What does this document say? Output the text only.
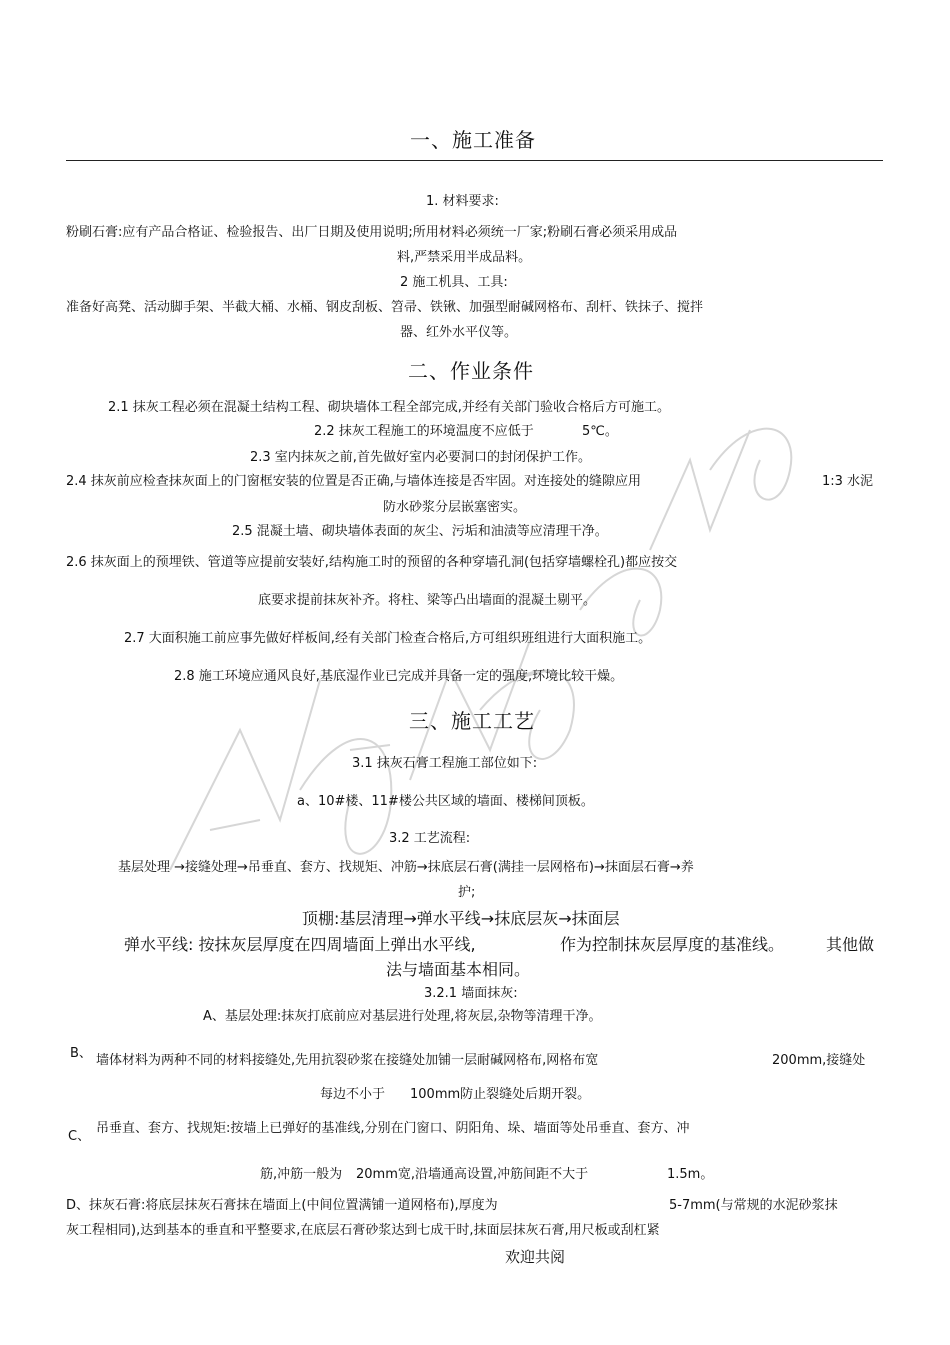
一、施工准备
1. 材料要求:
粉刷石膏:应有产品合格证、检验报告、出厂日期及使用说明;所用材料必须统一厂家;粉刷石膏必须采用成品
料,严禁采用半成品料。
2 施工机具、工具:
准备好高凳、活动脚手架、半截大桶、水桶、钢皮刮板、笤帚、铁锹、加强型耐碱网格布、刮杆、铁抹子、搅拌
器、红外水平仪等。
二、作业条件
2.1 抹灰工程必须在混凝土结构工程、砌块墙体工程全部完成,并经有关部门验收合格后方可施工。
2.2 抹灰工程施工的环境温度不应低于	5℃。
2.3 室内抹灰之前,首先做好室内必要洞口的封闭保护工作。
2.4 抹灰前应检查抹灰面上的门窗框安装的位置是否正确,与墙体连接是否牢固。对连接处的缝隙应用	1:3 水泥
防水砂浆分层嵌塞密实。
2.5 混凝土墙、砌块墙体表面的灰尘、污垢和油渍等应清理干净。
2.6 抹灰面上的预埋铁、管道等应提前安装好,结构施工时的预留的各种穿墙孔洞(包括穿墙螺栓孔)都应按交
底要求提前抹灰补齐。将柱、梁等凸出墙面的混凝土剔平。
2.7 大面积施工前应事先做好样板间,经有关部门检查合格后,方可组织班组进行大面积施工。
2.8 施工环境应通风良好,基底湿作业已完成并具备一定的强度,环境比较干燥。
三、施工工艺
3.1 抹灰石膏工程施工部位如下:
a、10#楼、11#楼公共区域的墙面、楼梯间顶板。
3.2 工艺流程:
基层处理 →接缝处理→吊垂直、套方、找规矩、冲筋→抹底层石膏(满挂一层网格布)→抹面层石膏→养
护;
顶棚:基层清理→弹水平线→抹底层灰→抹面层
弹水平线: 按抹灰层厚度在四周墙面上弹出水平线,	作为控制抹灰层厚度的基准线。	其他做
法与墙面基本相同。
3.2.1 墙面抹灰:
A、基层处理:抹灰打底前应对基层进行处理,将灰层,杂物等清理干净。
B、 墙体材料为两种不同的材料接缝处,先用抗裂砂浆在接缝处加铺一层耐碱网格布,网格布宽	200mm,接缝处
每边不小于 100mm防止裂缝处后期开裂。
C、
吊垂直、套方、找规矩:按墙上已弹好的基准线,分别在门窗口、阴阳角、垛、墙面等处吊垂直、套方、冲
筋,冲筋一般为 20mm宽,沿墙通高设置,冲筋间距不大于	1.5m。
D、抹灰石膏:将底层抹灰石膏抹在墙面上(中间位置满铺一道网格布),厚度为	5-7mm(与常规的水泥砂浆抹
灰工程相同),达到基本的垂直和平整要求,在底层石膏砂浆达到七成干时,抹面层抹灰石膏,用尺板或刮杠紧
欢迎共阅
